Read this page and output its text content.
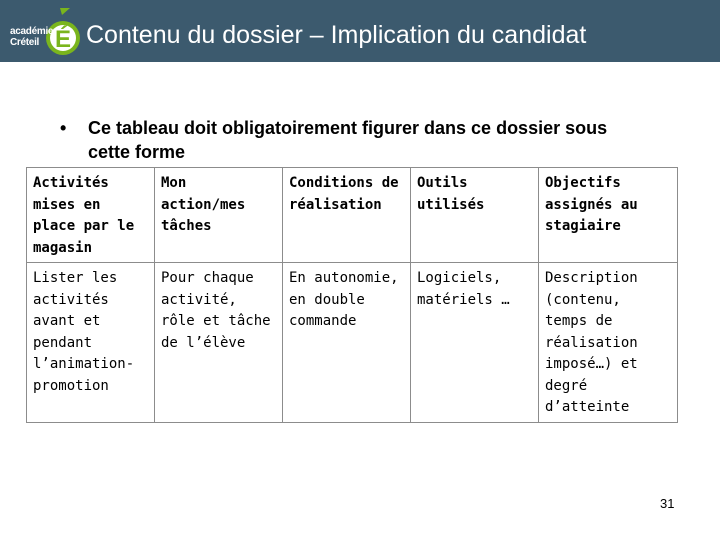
É
académie
Créteil Contenu du dossier – Implication du candidat
• Ce tableau doit obligatoirement figurer dans ce dossier sous cette forme
Activités mises en place par le magasin	Mon action/mes tâches	Conditions de réalisation	Outils utilisés	Objectifs assignés au stagiaire
Lister les activités avant et pendant l’animation-promotion	Pour chaque activité, rôle et tâche de l’élève	En autonomie, en double commande	Logiciels, matériels …	Description (contenu, temps de réalisation imposé…) et degré d’atteinte
31
